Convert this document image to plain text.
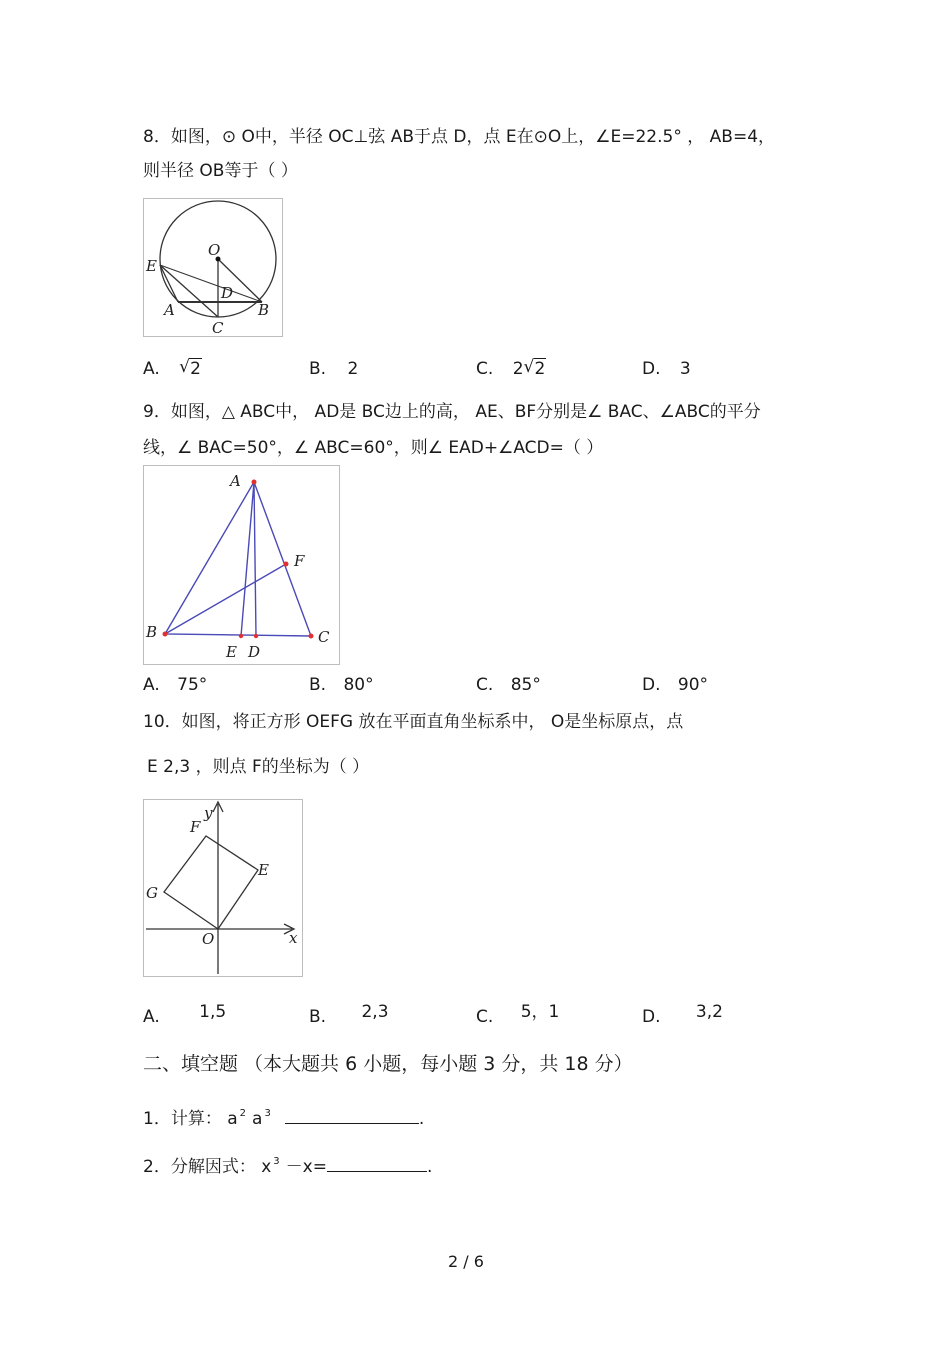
8．如图，⊙ O中，半径 OC⊥弦 AB于点 D，点 E在⊙O上，∠E=22.5° ， AB=4，
则半径 OB等于（ ）
O
E
D
A	B
C
A. √ 2	B. 2	C. 2 √ 2	D. 3
9．如图，△ ABC中， AD是 BC边上的高， AE、BF分别是∠ BAC、∠ABC的平分
线，∠ BAC=50°，∠ ABC=60°，则∠ EAD+∠ACD=（ ）
A
B	C
F
E D
A. 75°	B. 80°	C. 85°	D. 90°
10．如图，将正方形 OEFG 放在平面直角坐标系中， O是坐标原点，点
E 2,3 ，则点 F的坐标为（ ）
y
x
F
E
G
O
A. 1,5	B. 2,3	C. 5，1	D. 3,2
二、填空题 （本大题共 6 小题，每小题 3 分，共 18 分）
1．计算： a $^2$ a $^3$	.
2．分解因式： x $^3$ －x=	.
2 / 6
